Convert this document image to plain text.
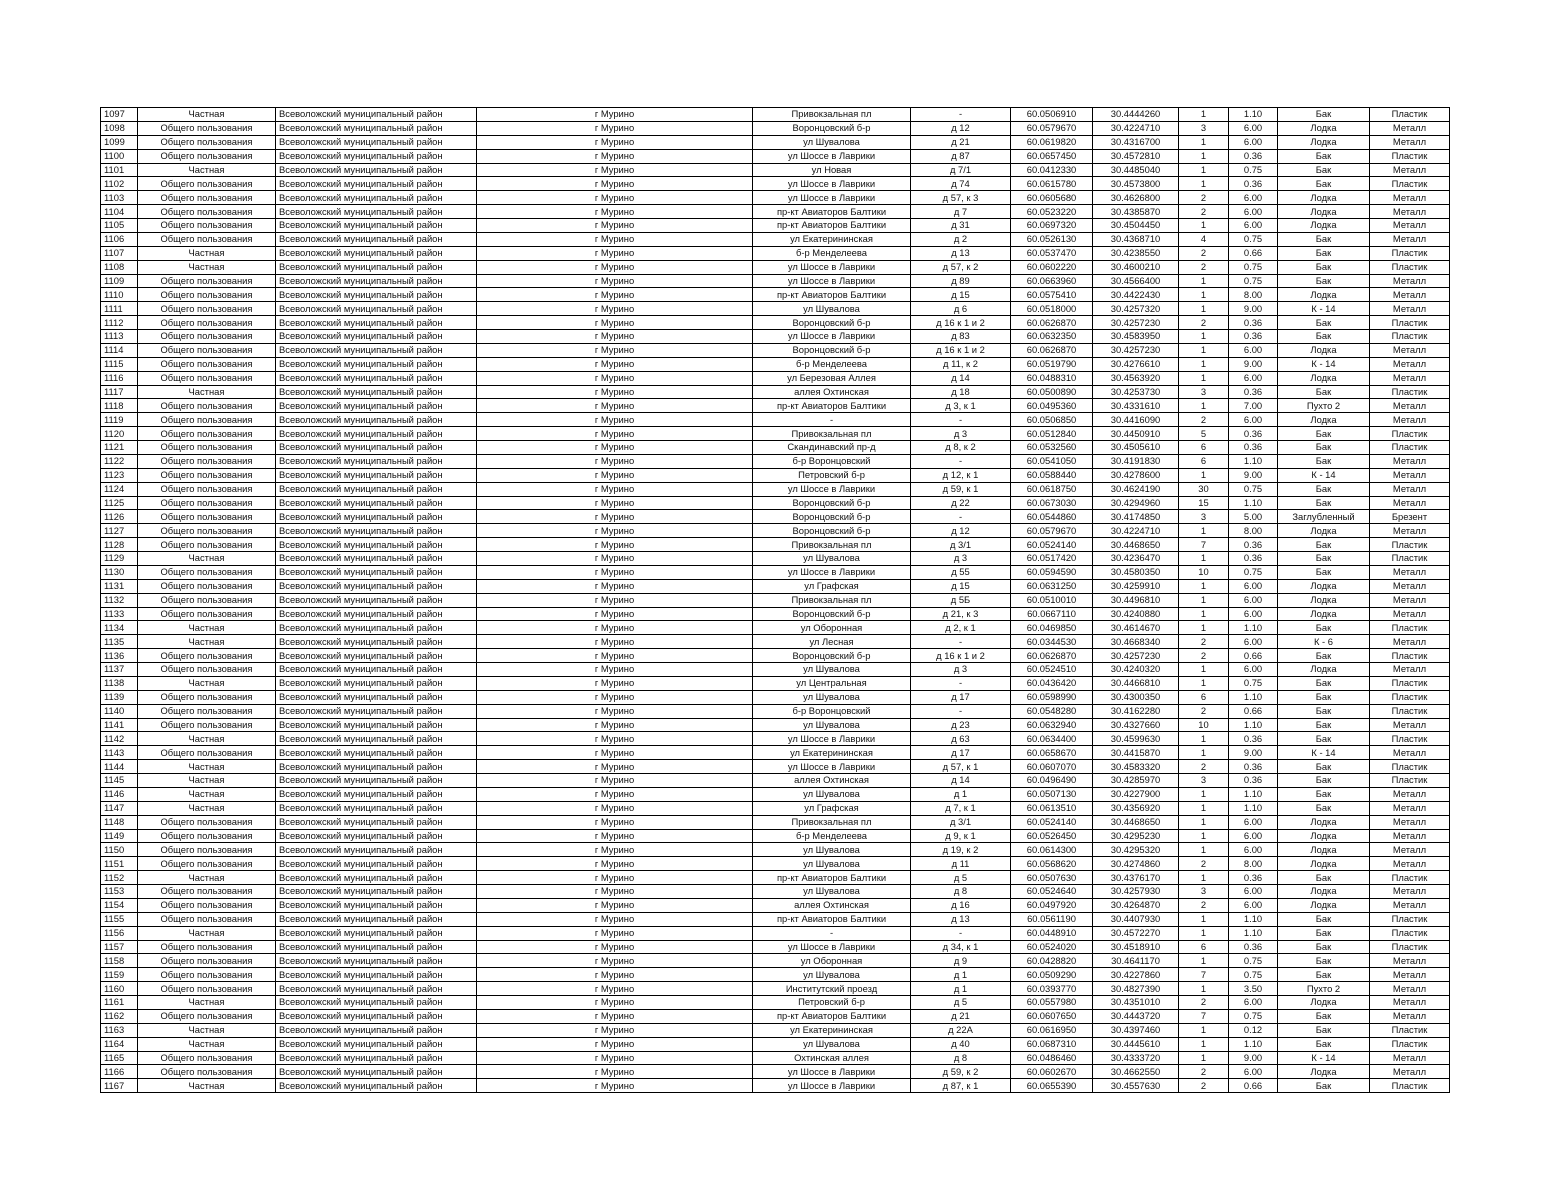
1097	Частная	Всеволожский муниципальный район	г Мурино	Привокзальная пл	-	60.0506910	30.4444260	1	1.10	Бак	Пластик
1098	Общего пользования	Всеволожский муниципальный район	г Мурино	Воронцовский б-р	д 12	60.0579670	30.4224710	3	6.00	Лодка	Металл
1099	Общего пользования	Всеволожский муниципальный район	г Мурино	ул Шувалова	д 21	60.0619820	30.4316700	1	6.00	Лодка	Металл
1100	Общего пользования	Всеволожский муниципальный район	г Мурино	ул Шоссе в Лаврики	д 87	60.0657450	30.4572810	1	0.36	Бак	Пластик
1101	Частная	Всеволожский муниципальный район	г Мурино	ул Новая	д 7/1	60.0412330	30.4485040	1	0.75	Бак	Металл
1102	Общего пользования	Всеволожский муниципальный район	г Мурино	ул Шоссе в Лаврики	д 74	60.0615780	30.4573800	1	0.36	Бак	Пластик
1103	Общего пользования	Всеволожский муниципальный район	г Мурино	ул Шоссе в Лаврики	д 57, к 3	60.0605680	30.4626800	2	6.00	Лодка	Металл
1104	Общего пользования	Всеволожский муниципальный район	г Мурино	пр-кт Авиаторов Балтики	д 7	60.0523220	30.4385870	2	6.00	Лодка	Металл
1105	Общего пользования	Всеволожский муниципальный район	г Мурино	пр-кт Авиаторов Балтики	д 31	60.0697320	30.4504450	1	6.00	Лодка	Металл
1106	Общего пользования	Всеволожский муниципальный район	г Мурино	ул Екатерининская	д 2	60.0526130	30.4368710	4	0.75	Бак	Металл
1107	Частная	Всеволожский муниципальный район	г Мурино	б-р Менделеева	д 13	60.0537470	30.4238550	2	0.66	Бак	Пластик
1108	Частная	Всеволожский муниципальный район	г Мурино	ул Шоссе в Лаврики	д 57, к 2	60.0602220	30.4600210	2	0.75	Бак	Пластик
1109	Общего пользования	Всеволожский муниципальный район	г Мурино	ул Шоссе в Лаврики	д 89	60.0663960	30.4566400	1	0.75	Бак	Металл
1110	Общего пользования	Всеволожский муниципальный район	г Мурино	пр-кт Авиаторов Балтики	д 15	60.0575410	30.4422430	1	8.00	Лодка	Металл
1111	Общего пользования	Всеволожский муниципальный район	г Мурино	ул Шувалова	д 6	60.0518000	30.4257320	1	9.00	К - 14	Металл
1112	Общего пользования	Всеволожский муниципальный район	г Мурино	Воронцовский б-р	д 16 к 1 и 2	60.0626870	30.4257230	2	0.36	Бак	Пластик
1113	Общего пользования	Всеволожский муниципальный район	г Мурино	ул Шоссе в Лаврики	д 83	60.0632350	30.4583950	1	0.36	Бак	Пластик
1114	Общего пользования	Всеволожский муниципальный район	г Мурино	Воронцовский б-р	д 16 к 1 и 2	60.0626870	30.4257230	1	6.00	Лодка	Металл
1115	Общего пользования	Всеволожский муниципальный район	г Мурино	б-р Менделеева	д 11, к 2	60.0519790	30.4276610	1	9.00	К - 14	Металл
1116	Общего пользования	Всеволожский муниципальный район	г Мурино	ул Березовая Аллея	д 14	60.0488310	30.4563920	1	6.00	Лодка	Металл
1117	Частная	Всеволожский муниципальный район	г Мурино	аллея Охтинская	д 18	60.0500890	30.4253730	3	0.36	Бак	Пластик
1118	Общего пользования	Всеволожский муниципальный район	г Мурино	пр-кт Авиаторов Балтики	д 3, к 1	60.0495360	30.4331610	1	7.00	Пухто 2	Металл
1119	Общего пользования	Всеволожский муниципальный район	г Мурино	-	-	60.0506850	30.4416090	2	6.00	Лодка	Металл
1120	Общего пользования	Всеволожский муниципальный район	г Мурино	Привокзальная пл	д 3	60.0512840	30.4450910	5	0.36	Бак	Пластик
1121	Общего пользования	Всеволожский муниципальный район	г Мурино	Скандинавский пр-д	д 8, к 2	60.0532560	30.4505610	6	0.36	Бак	Пластик
1122	Общего пользования	Всеволожский муниципальный район	г Мурино	б-р Воронцовский	-	60.0541050	30.4191830	6	1.10	Бак	Металл
1123	Общего пользования	Всеволожский муниципальный район	г Мурино	Петровский б-р	д 12, к 1	60.0588440	30.4278600	1	9.00	К - 14	Металл
1124	Общего пользования	Всеволожский муниципальный район	г Мурино	ул Шоссе в Лаврики	д 59, к 1	60.0618750	30.4624190	30	0.75	Бак	Металл
1125	Общего пользования	Всеволожский муниципальный район	г Мурино	Воронцовский б-р	д 22	60.0673030	30.4294960	15	1.10	Бак	Металл
1126	Общего пользования	Всеволожский муниципальный район	г Мурино	Воронцовский б-р	-	60.0544860	30.4174850	3	5.00	Заглубленный	Брезент
1127	Общего пользования	Всеволожский муниципальный район	г Мурино	Воронцовский б-р	д 12	60.0579670	30.4224710	1	8.00	Лодка	Металл
1128	Общего пользования	Всеволожский муниципальный район	г Мурино	Привокзальная пл	д 3/1	60.0524140	30.4468650	7	0.36	Бак	Пластик
1129	Частная	Всеволожский муниципальный район	г Мурино	ул Шувалова	д 3	60.0517420	30.4236470	1	0.36	Бак	Пластик
1130	Общего пользования	Всеволожский муниципальный район	г Мурино	ул Шоссе в Лаврики	д 55	60.0594590	30.4580350	10	0.75	Бак	Металл
1131	Общего пользования	Всеволожский муниципальный район	г Мурино	ул Графская	д 15	60.0631250	30.4259910	1	6.00	Лодка	Металл
1132	Общего пользования	Всеволожский муниципальный район	г Мурино	Привокзальная пл	д 5Б	60.0510010	30.4496810	1	6.00	Лодка	Металл
1133	Общего пользования	Всеволожский муниципальный район	г Мурино	Воронцовский б-р	д 21, к 3	60.0667110	30.4240880	1	6.00	Лодка	Металл
1134	Частная	Всеволожский муниципальный район	г Мурино	ул Оборонная	д 2, к 1	60.0469850	30.4614670	1	1.10	Бак	Пластик
1135	Частная	Всеволожский муниципальный район	г Мурино	ул Лесная	-	60.0344530	30.4668340	2	6.00	К - 6	Металл
1136	Общего пользования	Всеволожский муниципальный район	г Мурино	Воронцовский б-р	д 16 к 1 и 2	60.0626870	30.4257230	2	0.66	Бак	Пластик
1137	Общего пользования	Всеволожский муниципальный район	г Мурино	ул Шувалова	д 3	60.0524510	30.4240320	1	6.00	Лодка	Металл
1138	Частная	Всеволожский муниципальный район	г Мурино	ул Центральная	-	60.0436420	30.4466810	1	0.75	Бак	Пластик
1139	Общего пользования	Всеволожский муниципальный район	г Мурино	ул Шувалова	д 17	60.0598990	30.4300350	6	1.10	Бак	Пластик
1140	Общего пользования	Всеволожский муниципальный район	г Мурино	б-р Воронцовский	-	60.0548280	30.4162280	2	0.66	Бак	Пластик
1141	Общего пользования	Всеволожский муниципальный район	г Мурино	ул Шувалова	д 23	60.0632940	30.4327660	10	1.10	Бак	Металл
1142	Частная	Всеволожский муниципальный район	г Мурино	ул Шоссе в Лаврики	д 63	60.0634400	30.4599630	1	0.36	Бак	Пластик
1143	Общего пользования	Всеволожский муниципальный район	г Мурино	ул Екатерининская	д 17	60.0658670	30.4415870	1	9.00	К - 14	Металл
1144	Частная	Всеволожский муниципальный район	г Мурино	ул Шоссе в Лаврики	д 57, к 1	60.0607070	30.4583320	2	0.36	Бак	Пластик
1145	Частная	Всеволожский муниципальный район	г Мурино	аллея Охтинская	д 14	60.0496490	30.4285970	3	0.36	Бак	Пластик
1146	Частная	Всеволожский муниципальный район	г Мурино	ул Шувалова	д 1	60.0507130	30.4227900	1	1.10	Бак	Металл
1147	Частная	Всеволожский муниципальный район	г Мурино	ул Графская	д 7, к 1	60.0613510	30.4356920	1	1.10	Бак	Металл
1148	Общего пользования	Всеволожский муниципальный район	г Мурино	Привокзальная пл	д 3/1	60.0524140	30.4468650	1	6.00	Лодка	Металл
1149	Общего пользования	Всеволожский муниципальный район	г Мурино	б-р Менделеева	д 9, к 1	60.0526450	30.4295230	1	6.00	Лодка	Металл
1150	Общего пользования	Всеволожский муниципальный район	г Мурино	ул Шувалова	д 19, к 2	60.0614300	30.4295320	1	6.00	Лодка	Металл
1151	Общего пользования	Всеволожский муниципальный район	г Мурино	ул Шувалова	д 11	60.0568620	30.4274860	2	8.00	Лодка	Металл
1152	Частная	Всеволожский муниципальный район	г Мурино	пр-кт Авиаторов Балтики	д 5	60.0507630	30.4376170	1	0.36	Бак	Пластик
1153	Общего пользования	Всеволожский муниципальный район	г Мурино	ул Шувалова	д 8	60.0524640	30.4257930	3	6.00	Лодка	Металл
1154	Общего пользования	Всеволожский муниципальный район	г Мурино	аллея Охтинская	д 16	60.0497920	30.4264870	2	6.00	Лодка	Металл
1155	Общего пользования	Всеволожский муниципальный район	г Мурино	пр-кт Авиаторов Балтики	д 13	60.0561190	30.4407930	1	1.10	Бак	Пластик
1156	Частная	Всеволожский муниципальный район	г Мурино	-	-	60.0448910	30.4572270	1	1.10	Бак	Пластик
1157	Общего пользования	Всеволожский муниципальный район	г Мурино	ул Шоссе в Лаврики	д 34, к 1	60.0524020	30.4518910	6	0.36	Бак	Пластик
1158	Общего пользования	Всеволожский муниципальный район	г Мурино	ул Оборонная	д 9	60.0428820	30.4641170	1	0.75	Бак	Металл
1159	Общего пользования	Всеволожский муниципальный район	г Мурино	ул Шувалова	д 1	60.0509290	30.4227860	7	0.75	Бак	Металл
1160	Общего пользования	Всеволожский муниципальный район	г Мурино	Институтский проезд	д 1	60.0393770	30.4827390	1	3.50	Пухто 2	Металл
1161	Частная	Всеволожский муниципальный район	г Мурино	Петровский б-р	д 5	60.0557980	30.4351010	2	6.00	Лодка	Металл
1162	Общего пользования	Всеволожский муниципальный район	г Мурино	пр-кт Авиаторов Балтики	д 21	60.0607650	30.4443720	7	0.75	Бак	Металл
1163	Частная	Всеволожский муниципальный район	г Мурино	ул Екатерининская	д 22А	60.0616950	30.4397460	1	0.12	Бак	Пластик
1164	Частная	Всеволожский муниципальный район	г Мурино	ул Шувалова	д 40	60.0687310	30.4445610	1	1.10	Бак	Пластик
1165	Общего пользования	Всеволожский муниципальный район	г Мурино	Охтинская аллея	д 8	60.0486460	30.4333720	1	9.00	К - 14	Металл
1166	Общего пользования	Всеволожский муниципальный район	г Мурино	ул Шоссе в Лаврики	д 59, к 2	60.0602670	30.4662550	2	6.00	Лодка	Металл
1167	Частная	Всеволожский муниципальный район	г Мурино	ул Шоссе в Лаврики	д 87, к 1	60.0655390	30.4557630	2	0.66	Бак	Пластик
